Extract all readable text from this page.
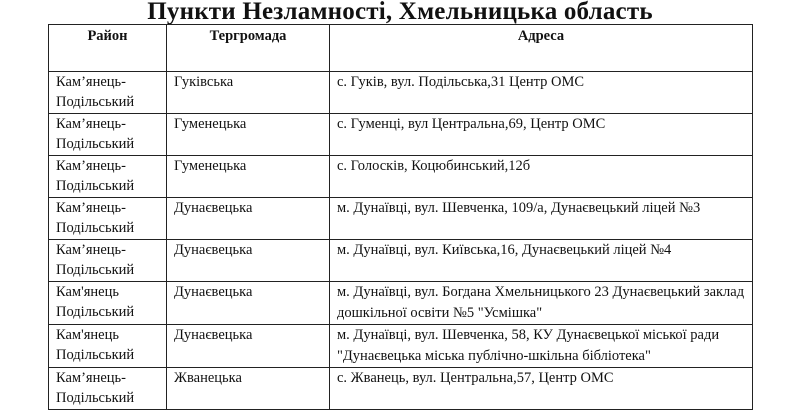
Пункти Незламності, Хмельницька область
Район	Тергромада	Адреса
Кам’янець-Подільський	Гуківська	с. Гуків, вул. Подільська,31 Центр ОМС
Кам’янець-Подільський	Гуменецька	с. Гуменці, вул Центральна,69, Центр ОМС
Кам’янець-Подільський	Гуменецька	с. Голосків, Коцюбинський,12б
Кам’янець-Подільський	Дунаєвецька	м. Дунаївці, вул. Шевченка, 109/а, Дунаєвецький ліцей №3
Кам’янець-Подільський	Дунаєвецька	м. Дунаївці, вул. Київська,16, Дунаєвецький ліцей №4
Кам'янець Подільський	Дунаєвецька	м. Дунаївці, вул. Богдана Хмельницького 23 Дунаєвецький заклад дошкільної освіти №5 "Усмішка"
Кам'янець Подільський	Дунаєвецька	м. Дунаївці, вул. Шевченка, 58, КУ Дунаєвецької міської ради "Дунаєвецька міська публічно-шкільна бібліотека"
Кам’янець-Подільський	Жванецька	с. Жванець, вул. Центральна,57, Центр ОМС
